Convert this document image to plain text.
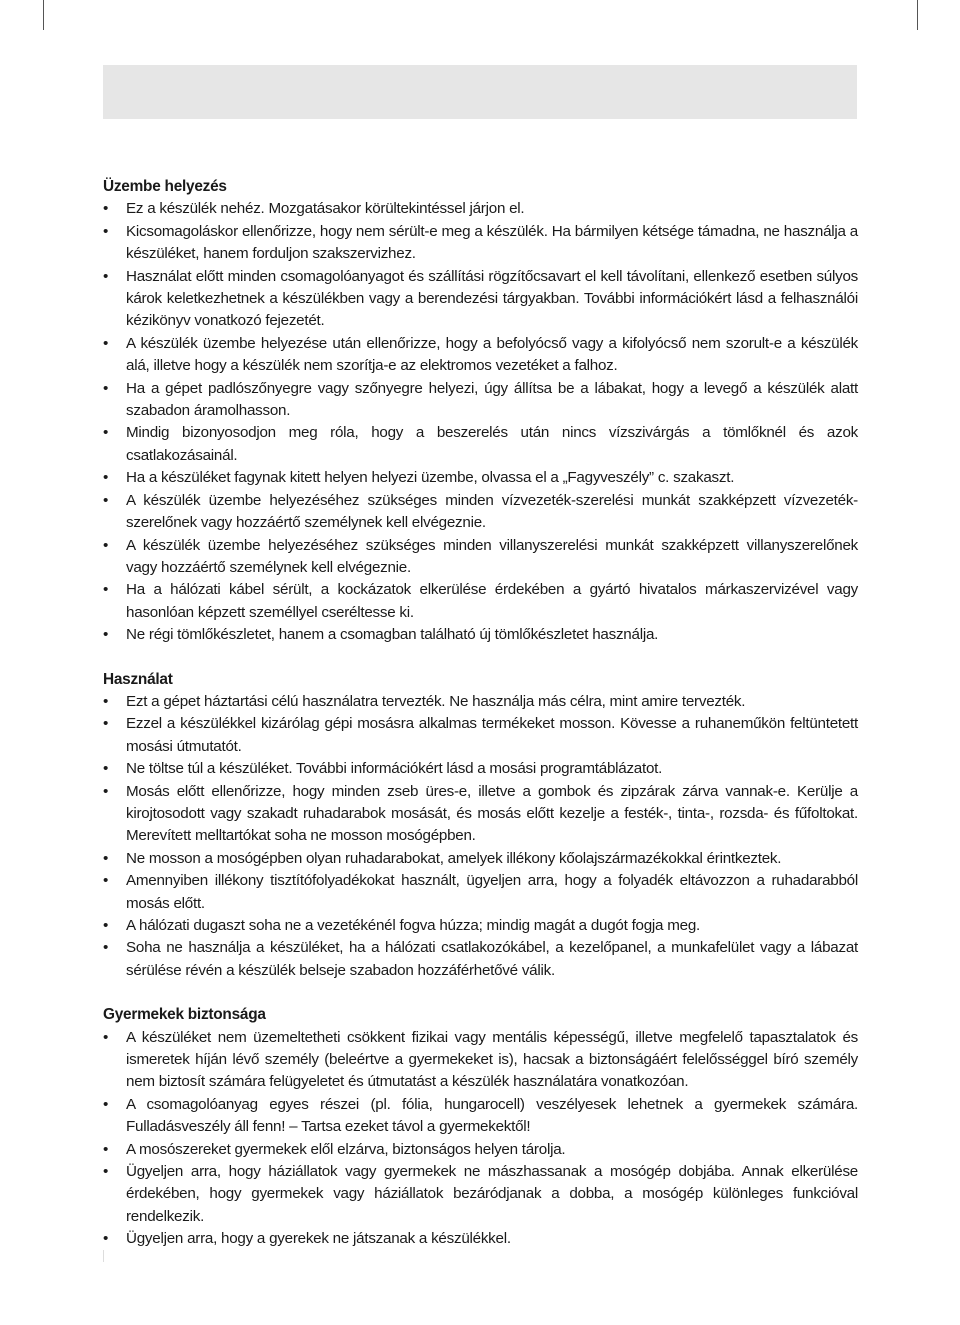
Üzembe helyezés
• Ez a készülék nehéz. Mozgatásakor körültekintéssel járjon el.
• Kicsomagoláskor ellenőrizze, hogy nem sérült-e meg a készülék. Ha bármilyen kétsége támadna, ne használja a készüléket, hanem forduljon szakszervizhez.
• Használat előtt minden csomagolóanyagot és szállítási rögzítőcsavart el kell távolítani, ellenkező esetben súlyos károk keletkezhetnek a készülékben vagy a berendezési tárgyakban. További információkért lásd a felhasználói kézikönyv vonatkozó fejezetét.
• A készülék üzembe helyezése után ellenőrizze, hogy a befolyócső vagy a kifolyócső nem szorult-e a készülék alá, illetve hogy a készülék nem szorítja-e az elektromos vezetéket a falhoz.
• Ha a gépet padlószőnyegre vagy szőnyegre helyezi, úgy állítsa be a lábakat, hogy a levegő a készülék alatt szabadon áramolhasson.
• Mindig bizonyosodjon meg róla, hogy a beszerelés után nincs vízszivárgás a tömlőknél és azok csatlakozásainál.
• Ha a készüléket fagynak kitett helyen helyezi üzembe, olvassa el a „Fagyveszély” c. szakaszt.
• A készülék üzembe helyezéséhez szükséges minden vízvezeték-szerelési munkát szakképzett vízvezeték-szerelőnek vagy hozzáértő személynek kell elvégeznie.
• A készülék üzembe helyezéséhez szükséges minden villanyszerelési munkát szakképzett villanyszerelőnek vagy hozzáértő személynek kell elvégeznie.
• Ha a hálózati kábel sérült, a kockázatok elkerülése érdekében a gyártó hivatalos márkaszervizével vagy hasonlóan képzett személlyel cseréltesse ki.
• Ne régi tömlőkészletet, hanem a csomagban található új tömlőkészletet használja.
Használat
• Ezt a gépet háztartási célú használatra tervezték. Ne használja más célra, mint amire tervezték.
• Ezzel a készülékkel kizárólag gépi mosásra alkalmas termékeket mosson. Kövesse a ruhaneműkön feltüntetett mosási útmutatót.
• Ne töltse túl a készüléket. További információkért lásd a mosási programtáblázatot.
• Mosás előtt ellenőrizze, hogy minden zseb üres-e, illetve a gombok és zipzárak zárva vannak-e. Kerülje a kirojtosodott vagy szakadt ruhadarabok mosását, és mosás előtt kezelje a festék-, tinta-, rozsda- és fűfoltokat. Merevített melltartókat soha ne mosson mosógépben.
• Ne mosson a mosógépben olyan ruhadarabokat, amelyek illékony kőolajszármazékokkal érintkeztek.
• Amennyiben illékony tisztítófolyadékokat használt, ügyeljen arra, hogy a folyadék eltávozzon a ruhadarabból mosás előtt.
• A hálózati dugaszt soha ne a vezetékénél fogva húzza; mindig magát a dugót fogja meg.
• Soha ne használja a készüléket, ha a hálózati csatlakozókábel, a kezelőpanel, a munkafelület vagy a lábazat sérülése révén a készülék belseje szabadon hozzáférhetővé válik.
Gyermekek biztonsága
• A készüléket nem üzemeltetheti csökkent fizikai vagy mentális képességű, illetve megfelelő tapasztalatok és ismeretek híján lévő személy (beleértve a gyermekeket is), hacsak a biztonságáért felelősséggel bíró személy nem biztosít számára felügyeletet és útmutatást a készülék használatára vonatkozóan.
• A csomagolóanyag egyes részei (pl. fólia, hungarocell) veszélyesek lehetnek a gyermekek számára. Fulladásveszély áll fenn! – Tartsa ezeket távol a gyermekektől!
• A mosószereket gyermekek elől elzárva, biztonságos helyen tárolja.
• Ügyeljen arra, hogy háziállatok vagy gyermekek ne mászhassanak a mosógép dobjába. Annak elkerülése érdekében, hogy gyermekek vagy háziállatok bezáródjanak a dobba, a mosógép különleges funkcióval rendelkezik.
• Ügyeljen arra, hogy a gyerekek ne játszanak a készülékkel.
